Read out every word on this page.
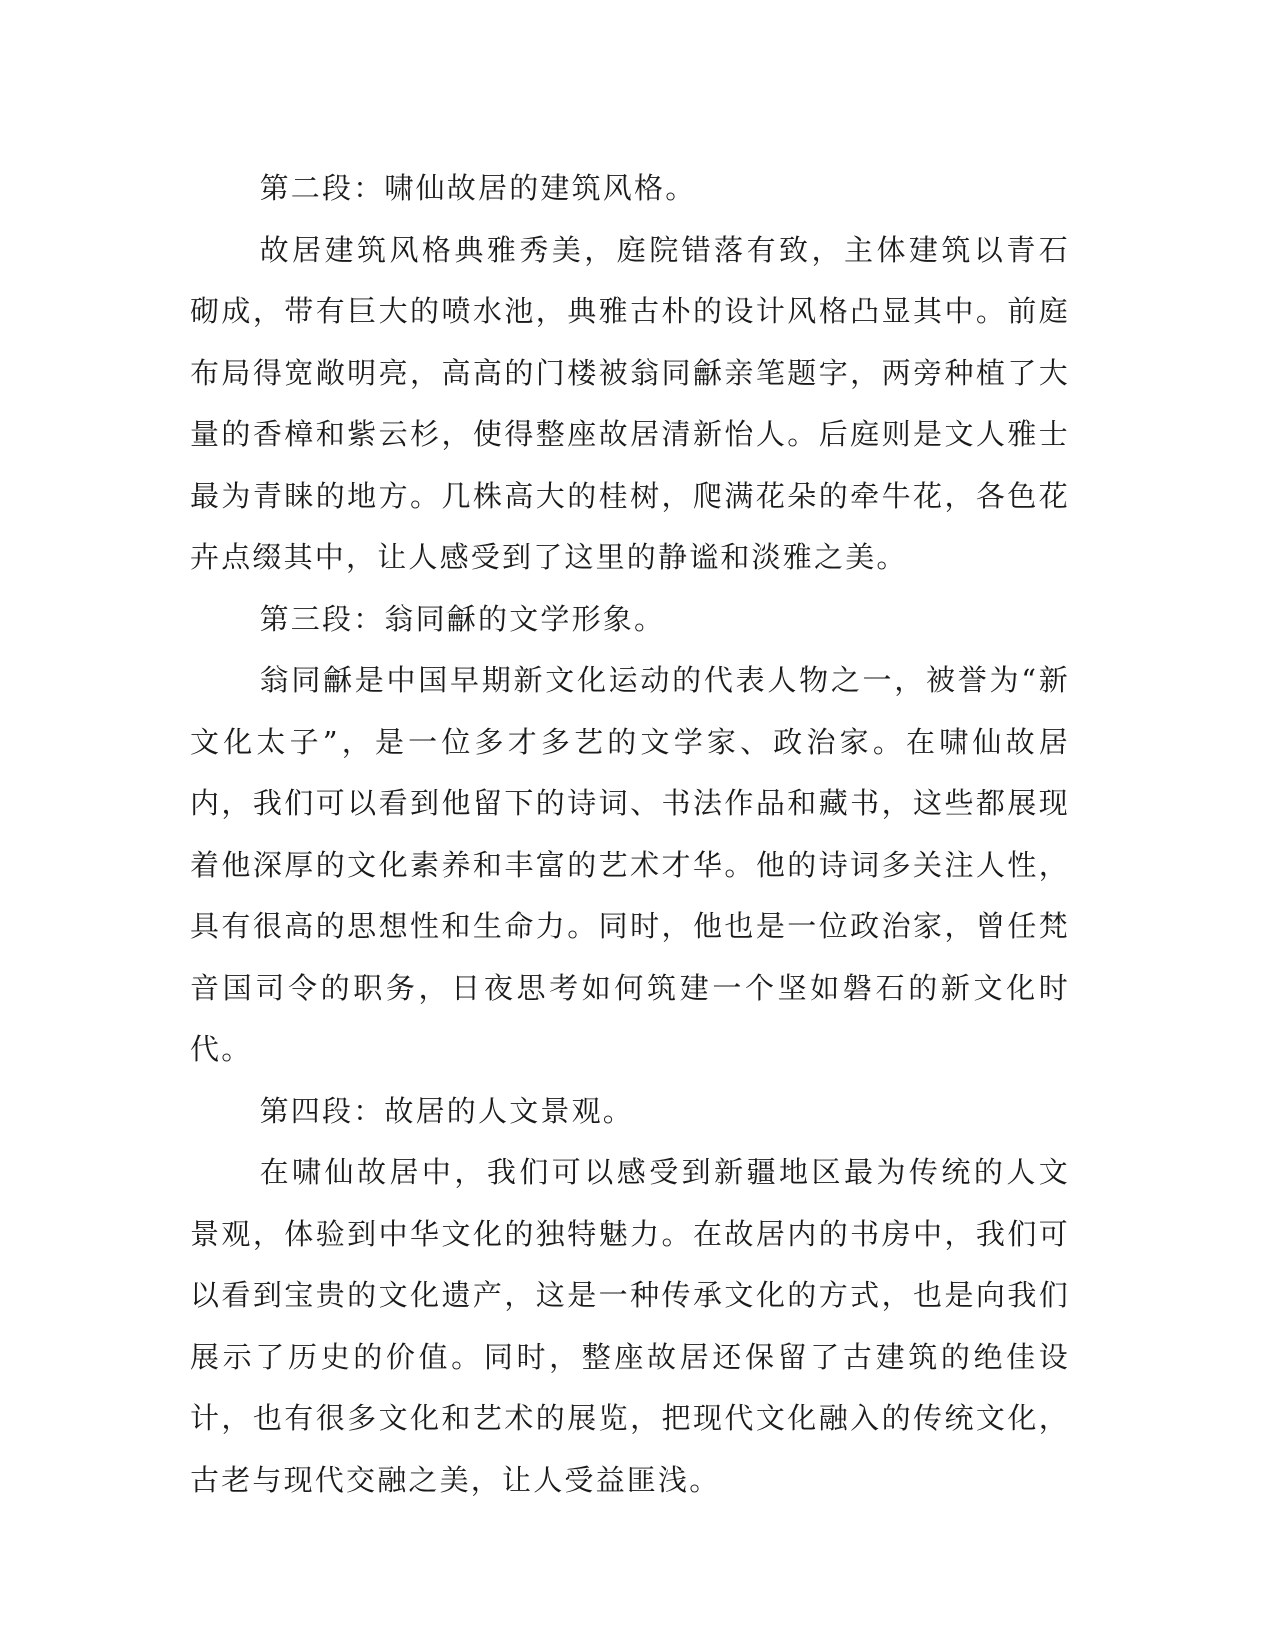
第二段：啸仙故居的建筑风格。

故居建筑风格典雅秀美，庭院错落有致，主体建筑以青石砌成，带有巨大的喷水池，典雅古朴的设计风格凸显其中。前庭布局得宽敞明亮，高高的门楼被翁同龢亲笔题字，两旁种植了大量的香樟和紫云杉，使得整座故居清新怡人。后庭则是文人雅士最为青睐的地方。几株高大的桂树，爬满花朵的牵牛花，各色花卉点缀其中，让人感受到了这里的静谧和淡雅之美。

第三段：翁同龢的文学形象。

翁同龢是中国早期新文化运动的代表人物之一，被誉为“新文化太子”，是一位多才多艺的文学家、政治家。在啸仙故居内，我们可以看到他留下的诗词、书法作品和藏书，这些都展现着他深厚的文化素养和丰富的艺术才华。他的诗词多关注人性，具有很高的思想性和生命力。同时，他也是一位政治家，曾任梵音国司令的职务，日夜思考如何筑建一个坚如磐石的新文化时代。

第四段：故居的人文景观。

在啸仙故居中，我们可以感受到新疆地区最为传统的人文景观，体验到中华文化的独特魅力。在故居内的书房中，我们可以看到宝贵的文化遗产，这是一种传承文化的方式，也是向我们展示了历史的价值。同时，整座故居还保留了古建筑的绝佳设计，也有很多文化和艺术的展览，把现代文化融入的传统文化，古老与现代交融之美，让人受益匪浅。
